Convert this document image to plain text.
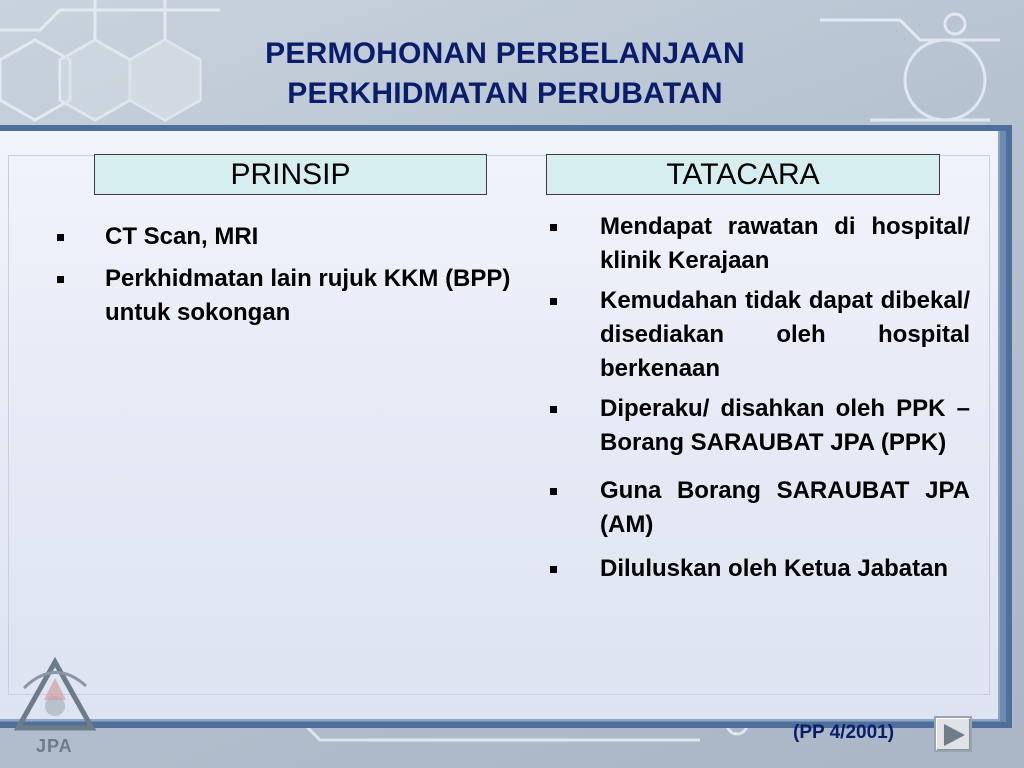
PERMOHONAN PERBELANJAAN
PERKHIDMATAN PERUBATAN
PRINSIP	TATACARA
CT Scan, MRI
Perkhidmatan lain rujuk KKM (BPP) untuk sokongan
Mendapat rawatan di hospital/ klinik Kerajaan
Kemudahan tidak dapat dibekal/ disediakan oleh hospital berkenaan
Diperaku/ disahkan oleh PPK – Borang SARAUBAT JPA (PPK)
Guna Borang SARAUBAT JPA (AM)
Diluluskan oleh Ketua Jabatan
(PP 4/2001)
JPA
